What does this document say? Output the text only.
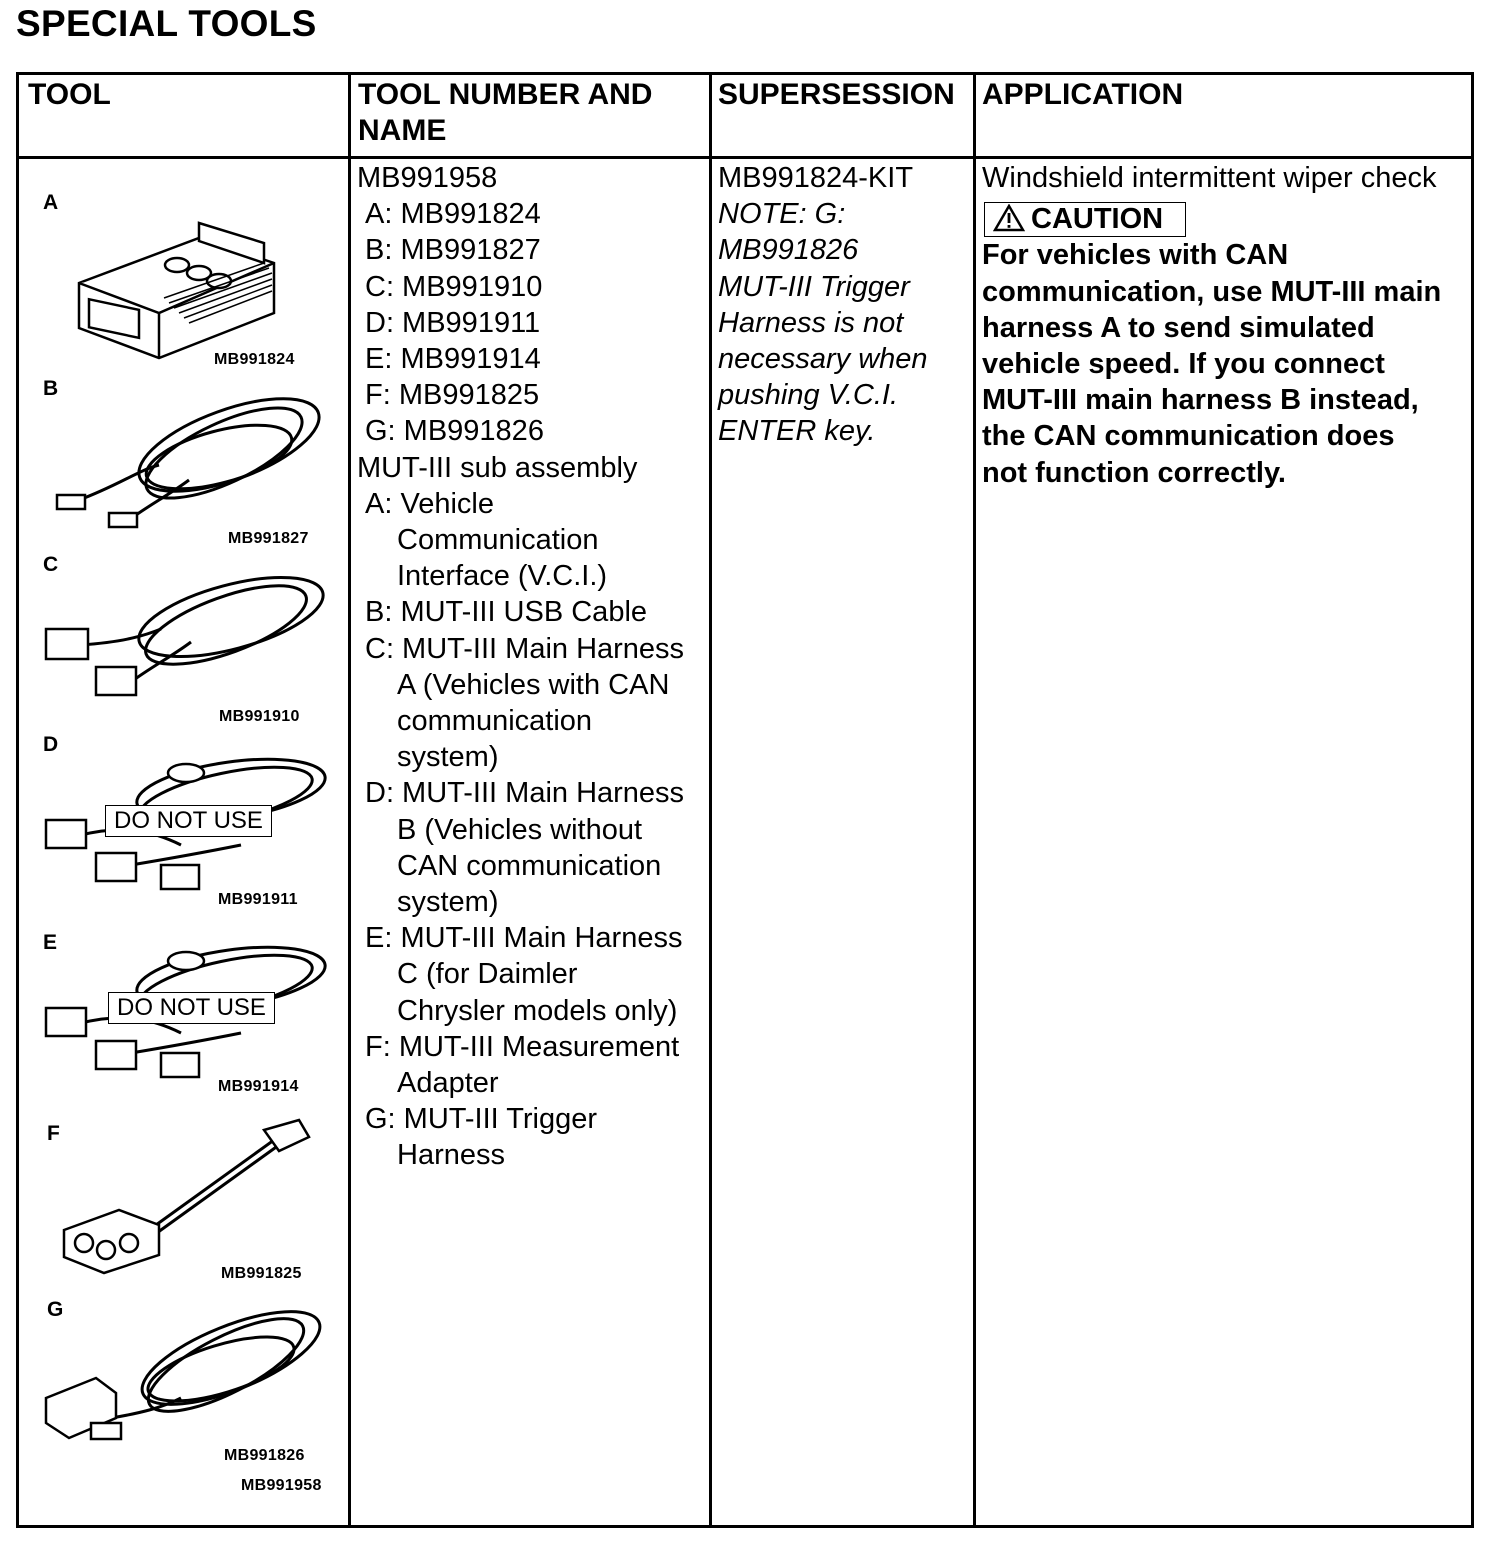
SPECIAL TOOLS
TOOL	TOOL NUMBER AND
NAME
SUPERSESSION APPLICATION
A
MB991824
B
MB991827
C
MB991910
D
DO NOT USE
MB991911
E
DO NOT USE
MB991914
F
MB991825
G
MB991826
MB991958
MB991958
A: MB991824
B: MB991827
C: MB991910
D: MB991911
E: MB991914
F: MB991825
G: MB991826
MUT-III sub assembly
A: Vehicle
Communication
Interface (V.C.I.)
B: MUT-III USB Cable
C: MUT-III Main Harness
A (Vehicles with CAN
communication
system)
D: MUT-III Main Harness
B (Vehicles without
CAN communication
system)
E: MUT-III Main Harness
C (for Daimler
Chrysler models only)
F: MUT-III Measurement
Adapter
G: MUT-III Trigger
Harness
MB991824-KIT
NOTE: G:
MB991826
MUT-III Trigger
Harness is not
necessary when
pushing V.C.I.
ENTER key.
Windshield intermittent wiper check
CAUTION
For vehicles with CAN
communication, use MUT-III main
harness A to send simulated
vehicle speed. If you connect
MUT-III main harness B instead,
the CAN communication does
not function correctly.
